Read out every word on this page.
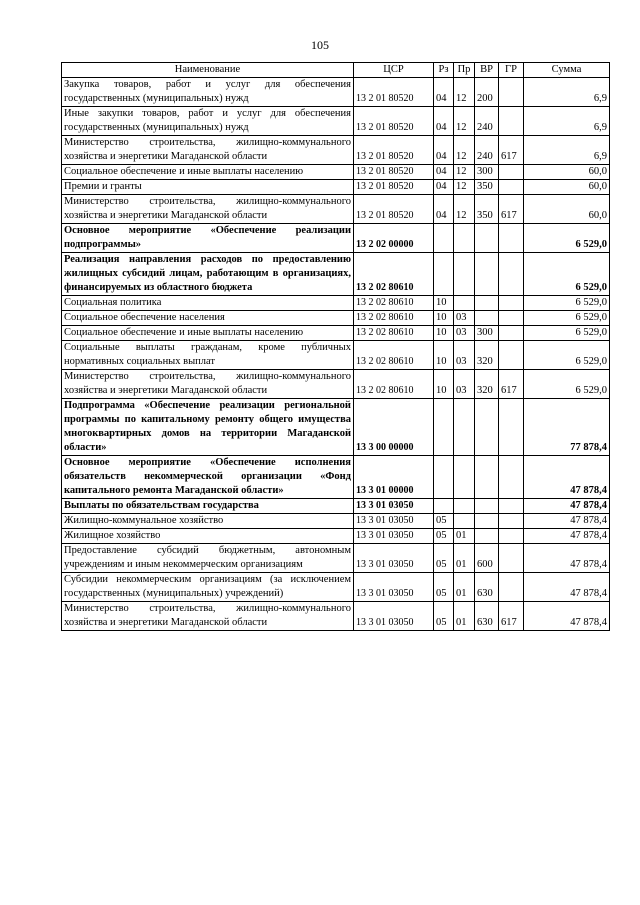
105
Наименование	ЦСР	Рз	Пр	ВР	ГР	Сумма
Закупка товаров, работ и услуг для обеспечения государственных (муниципальных) нужд	13 2 01 80520	04	12	200		6,9
Иные закупки товаров, работ и услуг для обеспечения государственных (муниципальных) нужд	13 2 01 80520	04	12	240		6,9
Министерство строительства, жилищно-коммунального хозяйства и энергетики Магаданской области	13 2 01 80520	04	12	240	617	6,9
Социальное обеспечение и иные выплаты населению	13 2 01 80520	04	12	300		60,0
Премии и гранты	13 2 01 80520	04	12	350		60,0
Министерство строительства, жилищно-коммунального хозяйства и энергетики Магаданской области	13 2 01 80520	04	12	350	617	60,0
Основное мероприятие «Обеспечение реализации подпрограммы»	13 2 02 00000					6 529,0
Реализация направления расходов по предоставлению жилищных субсидий лицам, работающим в организациях, финансируемых из областного бюджета	13 2 02 80610					6 529,0
Социальная политика	13 2 02 80610	10				6 529,0
Социальное обеспечение населения	13 2 02 80610	10	03			6 529,0
Социальное обеспечение и иные выплаты населению	13 2 02 80610	10	03	300		6 529,0
Социальные выплаты гражданам, кроме публичных нормативных социальных выплат	13 2 02 80610	10	03	320		6 529,0
Министерство строительства, жилищно-коммунального хозяйства и энергетики Магаданской области	13 2 02 80610	10	03	320	617	6 529,0
Подпрограмма «Обеспечение реализации региональной программы по капитальному ремонту общего имущества многоквартирных домов на территории Магаданской области»	13 3 00 00000					77 878,4
Основное мероприятие «Обеспечение исполнения обязательств некоммерческой организации «Фонд капитального ремонта Магаданской области»	13 3 01 00000					47 878,4
Выплаты по обязательствам государства	13 3 01 03050					47 878,4
Жилищно-коммунальное хозяйство	13 3 01 03050	05				47 878,4
Жилищное хозяйство	13 3 01 03050	05	01			47 878,4
Предоставление субсидий бюджетным, автономным учреждениям и иным некоммерческим организациям	13 3 01 03050	05	01	600		47 878,4
Субсидии некоммерческим организациям (за исключением государственных (муниципальных) учреждений)	13 3 01 03050	05	01	630		47 878,4
Министерство строительства, жилищно-коммунального хозяйства и энергетики Магаданской области	13 3 01 03050	05	01	630	617	47 878,4
